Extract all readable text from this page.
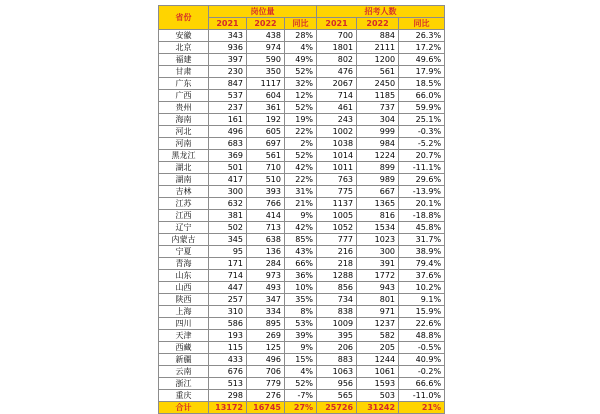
省份	岗位量			招考人数		
	2021	2022	同比	2021	2022	同比
安徽	343	438	28%	700	884	26.3%
北京	936	974	4%	1801	2111	17.2%
福建	397	590	49%	802	1200	49.6%
甘肃	230	350	52%	476	561	17.9%
广东	847	1117	32%	2067	2450	18.5%
广西	537	604	12%	714	1185	66.0%
贵州	237	361	52%	461	737	59.9%
海南	161	192	19%	243	304	25.1%
河北	496	605	22%	1002	999	-0.3%
河南	683	697	2%	1038	984	-5.2%
黑龙江	369	561	52%	1014	1224	20.7%
湖北	501	710	42%	1011	899	-11.1%
湖南	417	510	22%	763	989	29.6%
吉林	300	393	31%	775	667	-13.9%
江苏	632	766	21%	1137	1365	20.1%
江西	381	414	9%	1005	816	-18.8%
辽宁	502	713	42%	1052	1534	45.8%
内蒙古	345	638	85%	777	1023	31.7%
宁夏	95	136	43%	216	300	38.9%
青海	171	284	66%	218	391	79.4%
山东	714	973	36%	1288	1772	37.6%
山西	447	493	10%	856	943	10.2%
陕西	257	347	35%	734	801	9.1%
上海	310	334	8%	838	971	15.9%
四川	586	895	53%	1009	1237	22.6%
天津	193	269	39%	395	582	48.8%
西藏	115	125	9%	206	205	-0.5%
新疆	433	496	15%	883	1244	40.9%
云南	676	706	4%	1063	1061	-0.2%
浙江	513	779	52%	956	1593	66.6%
重庆	298	276	-7%	565	503	-11.0%
合计	13172	16745	27%	25726	31242	21%
